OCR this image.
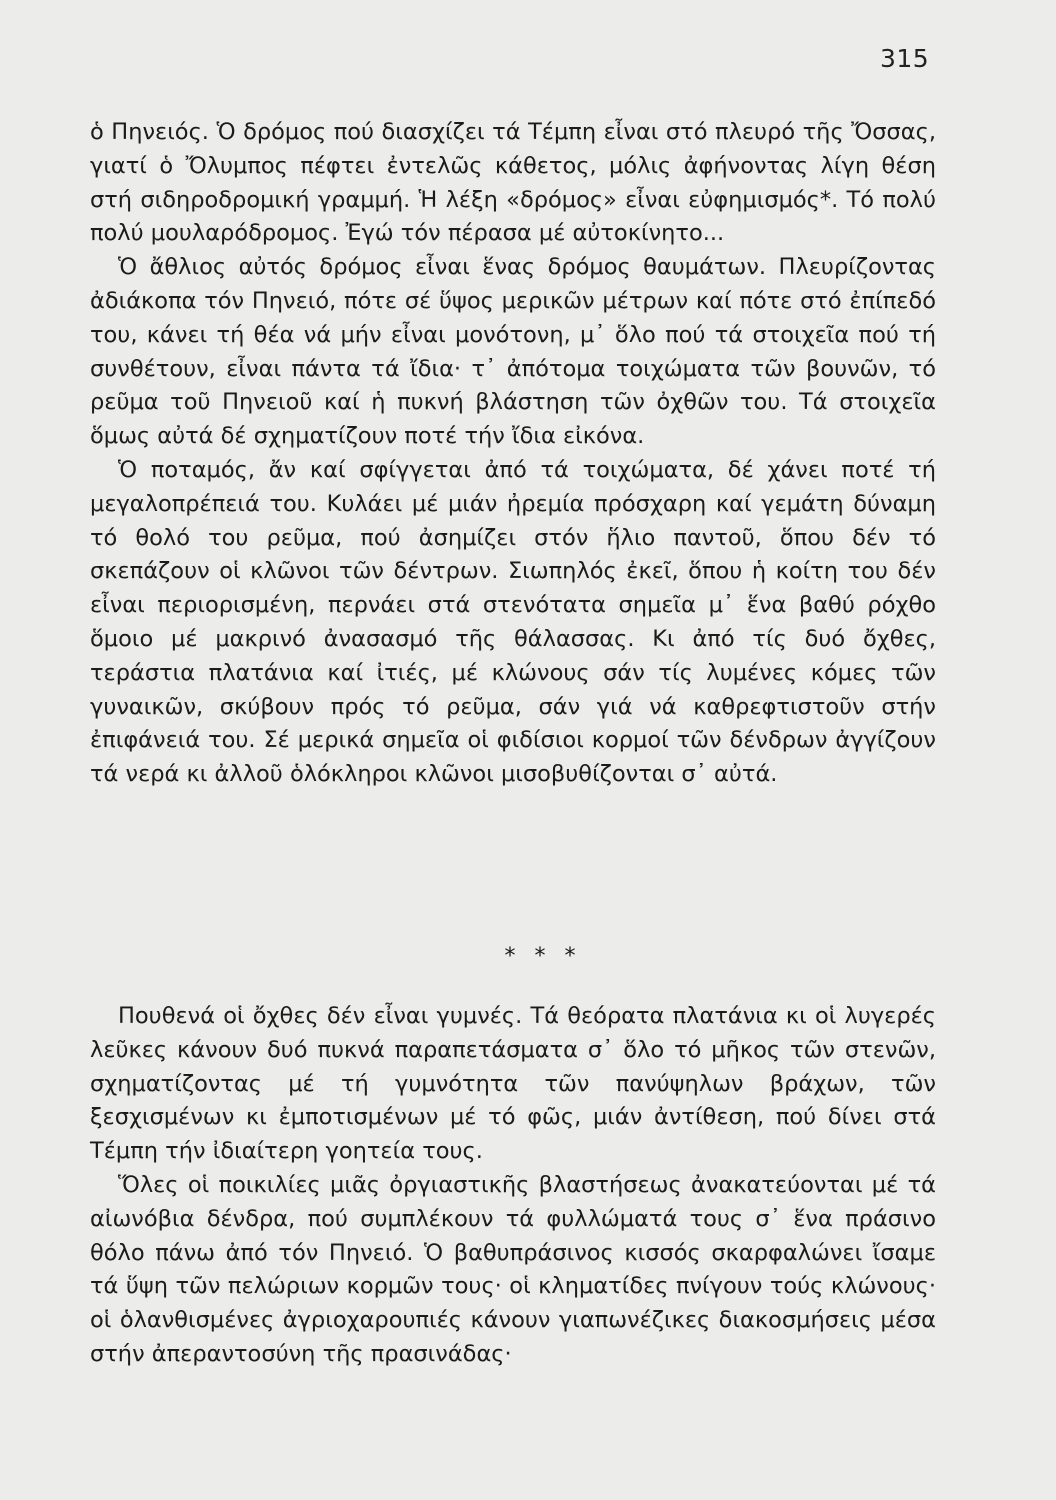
315

ὁ Πηνειός. Ὁ δρόμος πού διασχίζει τά Τέμπη εἶναι στό πλευρό τῆς Ὄσσας, γιατί ὁ Ὄλυμπος πέφτει ἐντελῶς κάθετος, μόλις ἀφήνοντας λίγη θέση στή σιδηροδρομική γραμμή. Ἡ λέξη «δρόμος» εἶναι εὐφημισμός*. Τό πολύ πολύ μουλαρόδρομος. Ἐγώ τόν πέρασα μέ αὐτοκίνητο...

Ὁ ἄθλιος αὐτός δρόμος εἶναι ἕνας δρόμος θαυμάτων. Πλευρίζοντας ἀδιάκοπα τόν Πηνειό, πότε σέ ὕψος μερικῶν μέτρων καί πότε στό ἐπίπεδό του, κάνει τή θέα νά μήν εἶναι μονότονη, μ᾽ ὅλο πού τά στοιχεῖα πού τή συνθέτουν, εἶναι πάντα τά ἴδια· τ᾽ ἀπότομα τοιχώματα τῶν βουνῶν, τό ρεῦμα τοῦ Πηνειοῦ καί ἡ πυκνή βλάστηση τῶν ὀχθῶν του. Τά στοιχεῖα ὅμως αὐτά δέ σχηματίζουν ποτέ τήν ἴδια εἰκόνα.

Ὁ ποταμός, ἄν καί σφίγγεται ἀπό τά τοιχώματα, δέ χάνει ποτέ τή μεγαλοπρέπειά του. Κυλάει μέ μιάν ἠρεμία πρόσχαρη καί γεμάτη δύναμη τό θολό του ρεῦμα, πού ἀσημίζει στόν ἥλιο παντοῦ, ὅπου δέν τό σκεπάζουν οἱ κλῶνοι τῶν δέντρων. Σιωπηλός ἐκεῖ, ὅπου ἡ κοίτη του δέν εἶναι περιορισμένη, περνάει στά στενότατα σημεῖα μ᾽ ἕνα βαθύ ρόχθο ὅμοιο μέ μακρινό ἀνασασμό τῆς θάλασσας. Κι ἀπό τίς δυό ὄχθες, τεράστια πλατάνια καί ἰτιές, μέ κλώνους σάν τίς λυμένες κόμες τῶν γυναικῶν, σκύβουν πρός τό ρεῦμα, σάν γιά νά καθρεφτιστοῦν στήν ἐπιφάνειά του. Σέ μερικά σημεῖα οἱ φιδίσιοι κορμοί τῶν δένδρων ἀγγίζουν τά νερά κι ἀλλοῦ ὁλόκληροι κλῶνοι μισοβυθίζονται σ᾽ αὐτά.

* * *

Πουθενά οἱ ὄχθες δέν εἶναι γυμνές. Τά θεόρατα πλατάνια κι οἱ λυγερές λεῦκες κάνουν δυό πυκνά παραπετάσματα σ᾽ ὅλο τό μῆκος τῶν στενῶν, σχηματίζοντας μέ τή γυμνότητα τῶν πανύψηλων βράχων, τῶν ξεσχισμένων κι ἐμποτισμένων μέ τό φῶς, μιάν ἀντίθεση, πού δίνει στά Τέμπη τήν ἰδιαίτερη γοητεία τους.

Ὅλες οἱ ποικιλίες μιᾶς ὀργιαστικῆς βλαστήσεως ἀνακατεύονται μέ τά αἰωνόβια δένδρα, πού συμπλέκουν τά φυλλώματά τους σ᾽ ἕνα πράσινο θόλο πάνω ἀπό τόν Πηνειό. Ὁ βαθυπράσινος κισσός σκαρφαλώνει ἴσαμε τά ὕψη τῶν πελώριων κορμῶν τους· οἱ κληματίδες πνίγουν τούς κλώνους· οἱ ὁλανθισμένες ἀγριοχαρουπιές κάνουν γιαπωνέζικες διακοσμήσεις μέσα στήν ἀπεραντοσύνη τῆς πρασινάδας·
